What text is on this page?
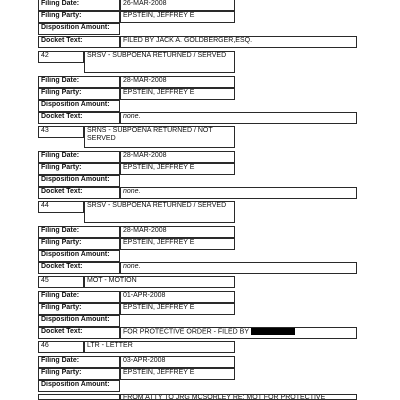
Filing Date:	26-MAR-2008
Filing Party:	EPSTEIN, JEFFREY E
Disposition Amount:
Docket Text:	FILED BY JACK A. GOLDBERGER,ESQ.
42	SRSV - SUBPOENA RETURNED / SERVED
Filing Date:	28-MAR-2008
Filing Party:	EPSTEIN, JEFFREY E
Disposition Amount:
Docket Text:	none.
43	SRNS - SUBPOENA RETURNED / NOT SERVED
Filing Date:	28-MAR-2008
Filing Party:	EPSTEIN, JEFFREY E
Disposition Amount:
Docket Text:	none.
44	SRSV - SUBPOENA RETURNED / SERVED
Filing Date:	28-MAR-2008
Filing Party:	EPSTEIN, JEFFREY E
Disposition Amount:
Docket Text:	none.
45	MOT - MOTION
Filing Date:	01-APR-2008
Filing Party:	EPSTEIN, JEFFREY E
Disposition Amount:
Docket Text:	FOR PROTECTIVE ORDER - FILED BY
46	LTR - LETTER
Filing Date:	03-APR-2008
Filing Party:	EPSTEIN, JEFFREY E
Disposition Amount:
FROM ATTY TO JRG MCSORLEY RE: MOT FOR PROTECTIVE
